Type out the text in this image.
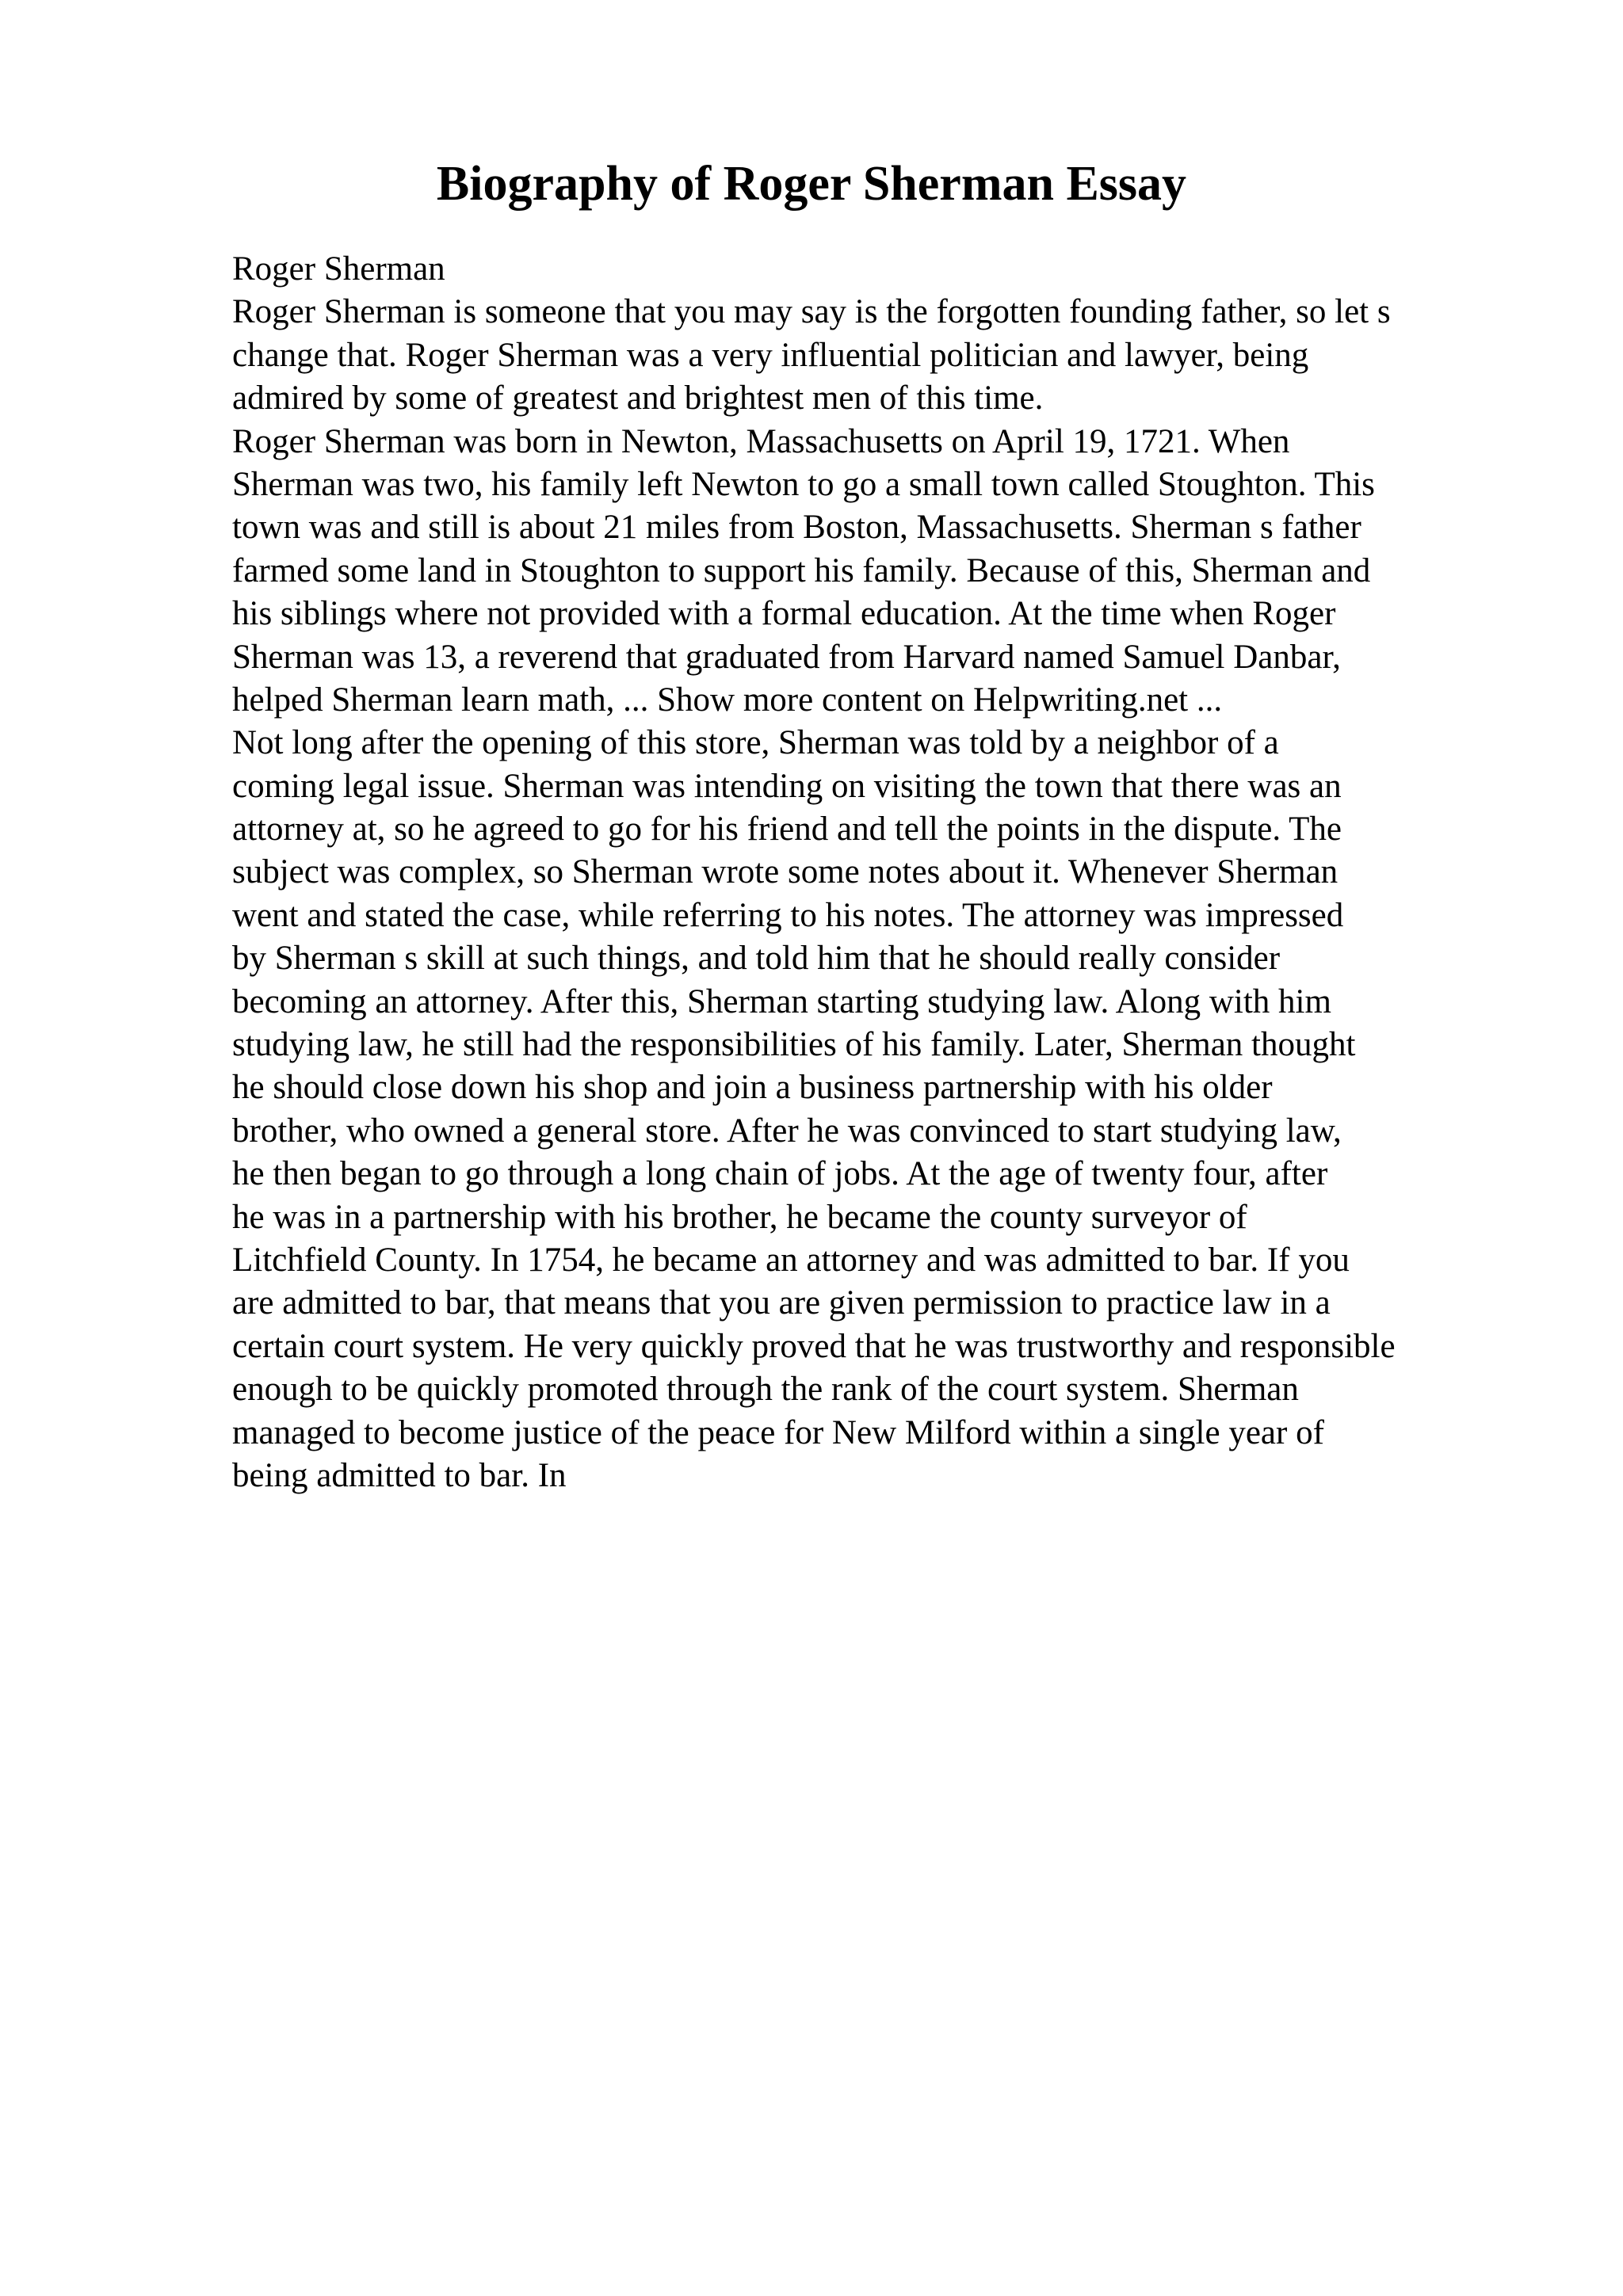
Biography of Roger Sherman Essay
Roger Sherman
Roger Sherman is someone that you may say is the forgotten founding father, so let s
change that. Roger Sherman was a very influential politician and lawyer, being
admired by some of greatest and brightest men of this time.
Roger Sherman was born in Newton, Massachusetts on April 19, 1721. When
Sherman was two, his family left Newton to go a small town called Stoughton. This
town was and still is about 21 miles from Boston, Massachusetts. Sherman s father
farmed some land in Stoughton to support his family. Because of this, Sherman and
his siblings where not provided with a formal education. At the time when Roger
Sherman was 13, a reverend that graduated from Harvard named Samuel Danbar,
helped Sherman learn math, ... Show more content on Helpwriting.net ...
Not long after the opening of this store, Sherman was told by a neighbor of a
coming legal issue. Sherman was intending on visiting the town that there was an
attorney at, so he agreed to go for his friend and tell the points in the dispute. The
subject was complex, so Sherman wrote some notes about it. Whenever Sherman
went and stated the case, while referring to his notes. The attorney was impressed
by Sherman s skill at such things, and told him that he should really consider
becoming an attorney. After this, Sherman starting studying law. Along with him
studying law, he still had the responsibilities of his family. Later, Sherman thought
he should close down his shop and join a business partnership with his older
brother, who owned a general store. After he was convinced to start studying law,
he then began to go through a long chain of jobs. At the age of twenty four, after
he was in a partnership with his brother, he became the county surveyor of
Litchfield County. In 1754, he became an attorney and was admitted to bar. If you
are admitted to bar, that means that you are given permission to practice law in a
certain court system. He very quickly proved that he was trustworthy and responsible
enough to be quickly promoted through the rank of the court system. Sherman
managed to become justice of the peace for New Milford within a single year of
being admitted to bar. In
